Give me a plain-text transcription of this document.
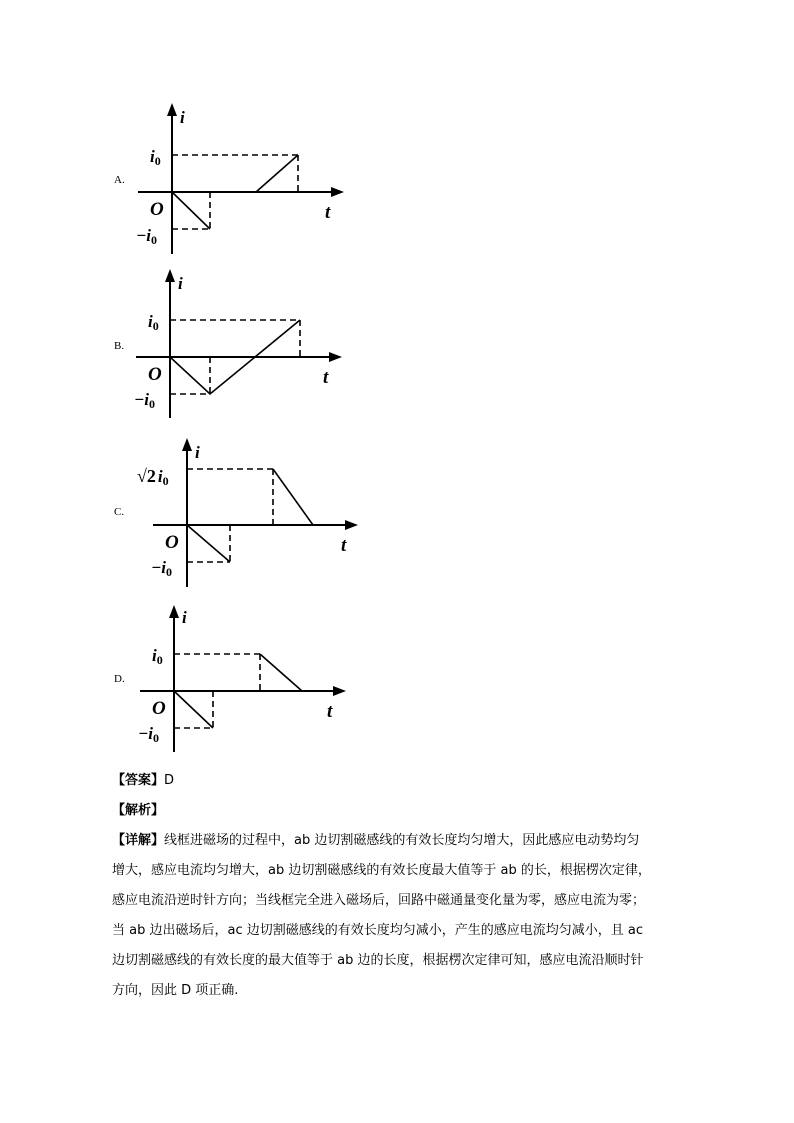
A.
i
t
O
i0
−i0
B.
i
t
O
i0
−i0
C.
i
t
O
√2 i0
−i0
D.
i
t
O
i0
−i0

【答案】D

【解析】

【详解】线框进磁场的过程中，ab 边切割磁感线的有效长度均匀增大，因此感应电动势均匀

增大，感应电流均匀增大，ab 边切割磁感线的有效长度最大值等于 ab 的长，根据楞次定律，

感应电流沿逆时针方向；当线框完全进入磁场后，回路中磁通量变化量为零，感应电流为零；

当 ab 边出磁场后，ac 边切割磁感线的有效长度均匀减小，产生的感应电流均匀减小，且 ac

边切割磁感线的有效长度的最大值等于 ab 边的长度，根据楞次定律可知，感应电流沿顺时针

方向，因此 D 项正确.
